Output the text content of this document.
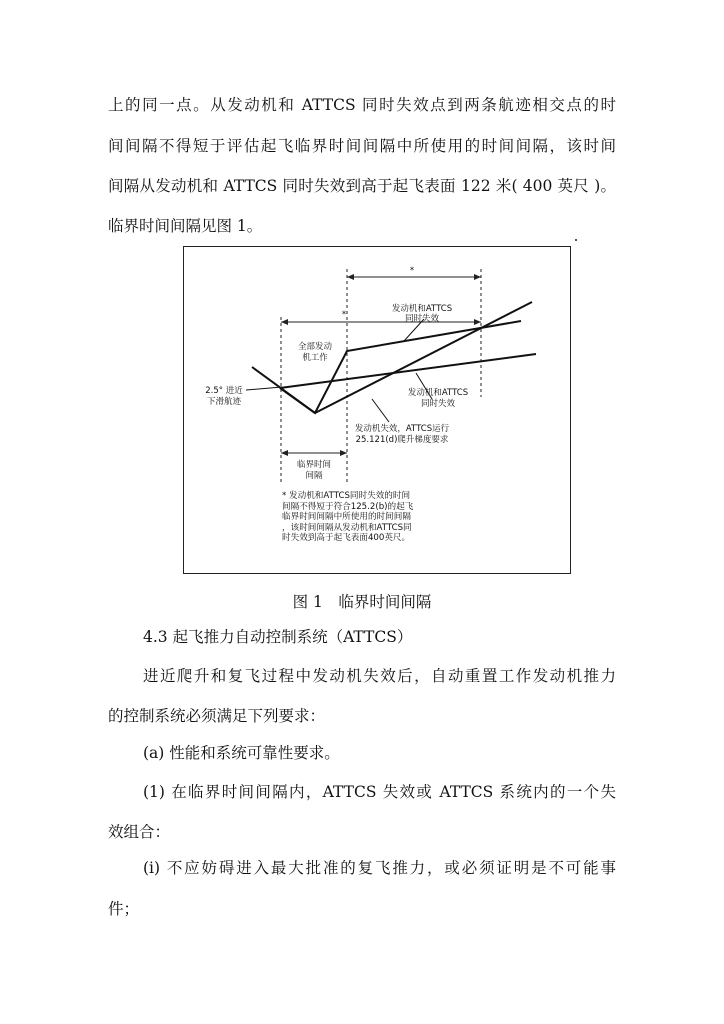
上的同一点。从发动机和 ATTCS 同时失效点到两条航迹相交点的时
间间隔不得短于评估起飞临界时间间隔中所使用的时间间隔，该时间
间隔从发动机和 ATTCS 同时失效到高于起飞表面 122 米( 400 英尺 )。
临界时间间隔见图 1。
*
*
发动机和ATTCS
同时失效
全部发动
机工作
2.5° 进近
下滑航迹
发动机和ATTCS
同时失效
发动机失效，ATTCS运行
25.121(d)爬升梯度要求
临界时间
间隔
* 发动机和ATTCS同时失效的时间
间隔不得短于符合125.2(b)的起飞
临界时间间隔中所使用的时间间隔
，该时间间隔从发动机和ATTCS同
时失效到高于起飞表面400英尺。
图 1　临界时间间隔
4.3 起飞推力自动控制系统（ATTCS）
进近爬升和复飞过程中发动机失效后，自动重置工作发动机推力
的控制系统必须满足下列要求：
(a) 性能和系统可靠性要求。
(1) 在临界时间间隔内，ATTCS 失效或 ATTCS 系统内的一个失
效组合：
(i) 不应妨碍进入最大批准的复飞推力，或必须证明是不可能事
件；
